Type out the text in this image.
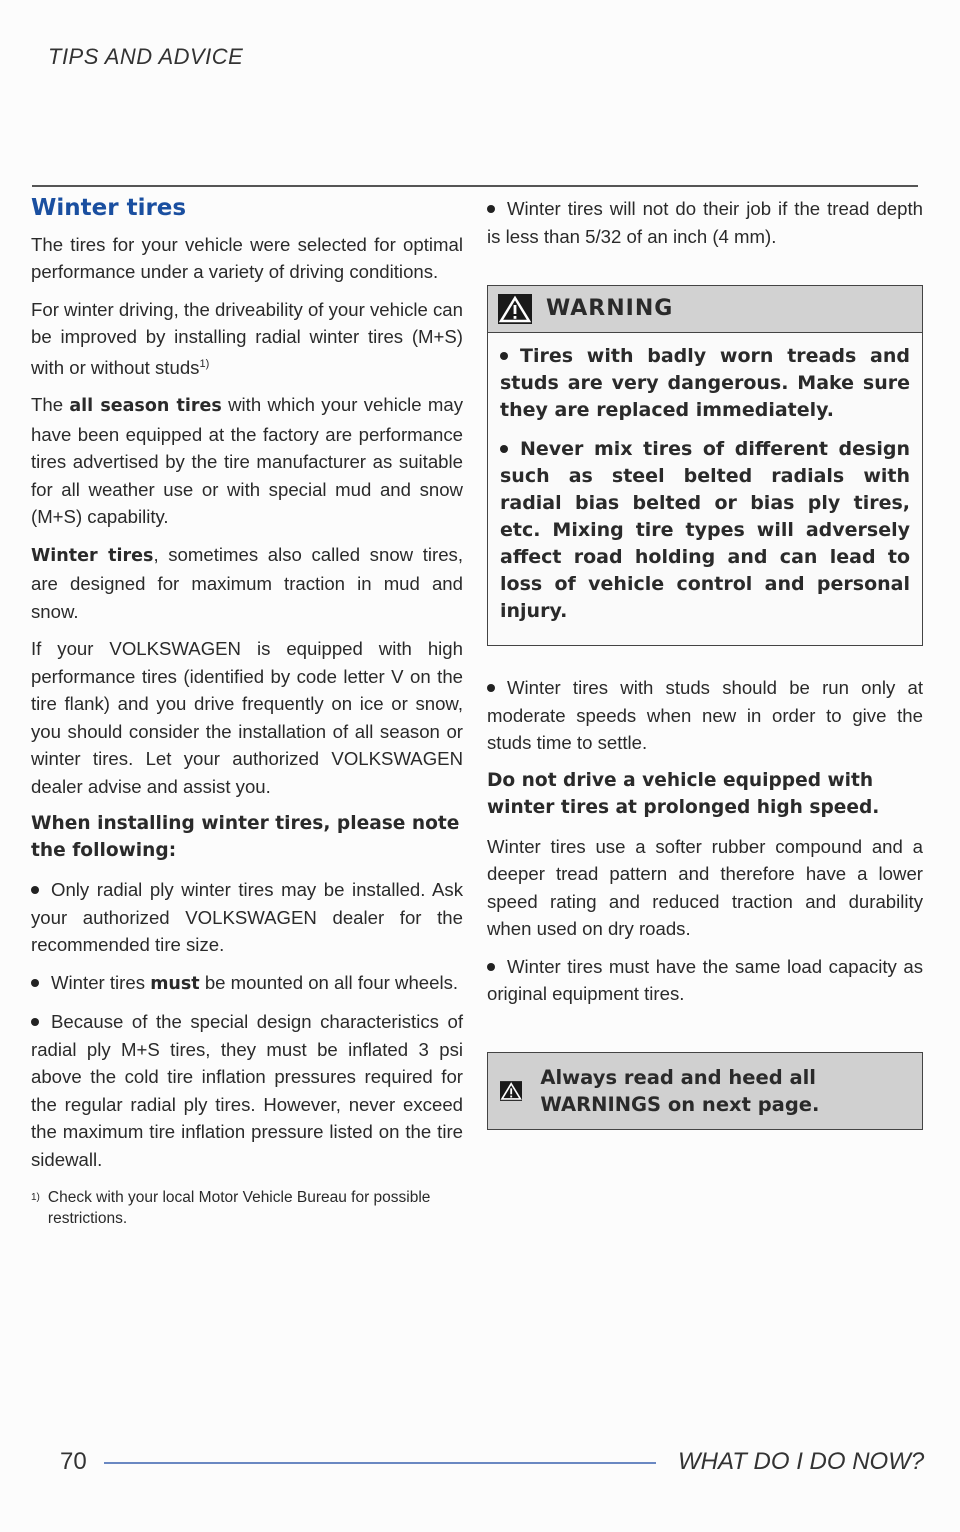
TIPS AND ADVICE
Winter tires

The tires for your vehicle were selected for optimal performance under a variety of driving conditions.

For winter driving, the driveability of your vehicle can be improved by installing radial winter tires (M+S) with or without studs$^{1)}$

The all season tires with which your vehicle may have been equipped at the factory are performance tires advertised by the tire manufacturer as suitable for all weather use or with special mud and snow (M+S) capability.

Winter tires, sometimes also called snow tires, are designed for maximum traction in mud and snow.

If your VOLKSWAGEN is equipped with high performance tires (identified by code letter V on the tire flank) and you drive frequently on ice or snow, you should consider the installation of all season or winter tires. Let your authorized VOLKSWAGEN dealer advise and assist you.

When installing winter tires, please note the following:

Only radial ply winter tires may be installed. Ask your authorized VOLKSWAGEN dealer for the recommended tire size.

Winter tires must be mounted on all four wheels.

Because of the special design characteristics of radial ply M+S tires, they must be inflated 3 psi above the cold tire inflation pressures required for the regular radial ply tires. However, never exceed the maximum tire inflation pressure listed on the tire sidewall.

1) Check with your local Motor Vehicle Bureau for possible restrictions.

Winter tires will not do their job if the tread depth is less than 5/32 of an inch (4 mm).

WARNING

Tires with badly worn treads and studs are very dangerous. Make sure they are replaced immediately.

Never mix tires of different design such as steel belted radials with radial bias belted or bias ply tires, etc. Mixing tire types will adversely affect road holding and can lead to loss of vehicle control and personal injury.

Winter tires with studs should be run only at moderate speeds when new in order to give the studs time to settle.

Do not drive a vehicle equipped with winter tires at prolonged high speed.

Winter tires use a softer rubber compound and a deeper tread pattern and therefore have a lower speed rating and reduced traction and durability when used on dry roads.

Winter tires must have the same load capacity as original equipment tires.

Always read and heed all WARNINGS on next page.
70	WHAT DO I DO NOW?
